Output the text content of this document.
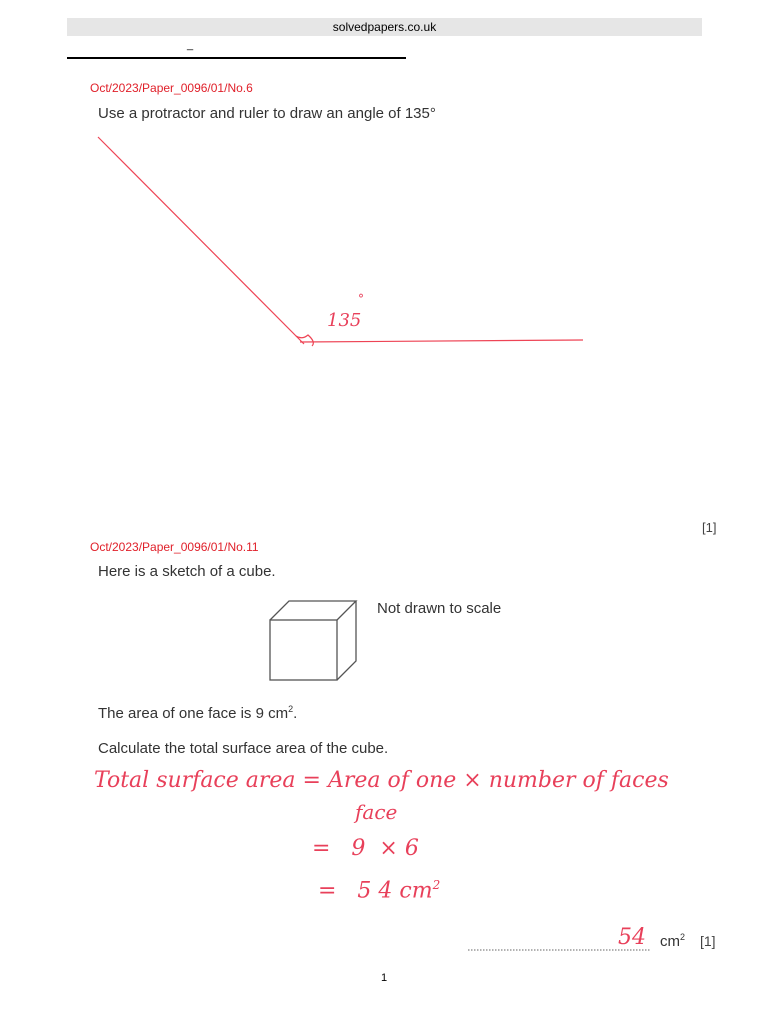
solvedpapers.co.uk
_
Oct/2023/Paper_0096/01/No.6
Use a protractor and ruler to draw an angle of 135°
135
°
[1]
Oct/2023/Paper_0096/01/No.11
Here is a sketch of a cube.
Not drawn to scale
The area of one face is 9 $cm^2$.
Calculate the total surface area of the cube.
Total surface area = Area of one × number of faces
face
=   9  × 6
=   5 4 $cm^2$
54 $cm^2$ [1]
1
